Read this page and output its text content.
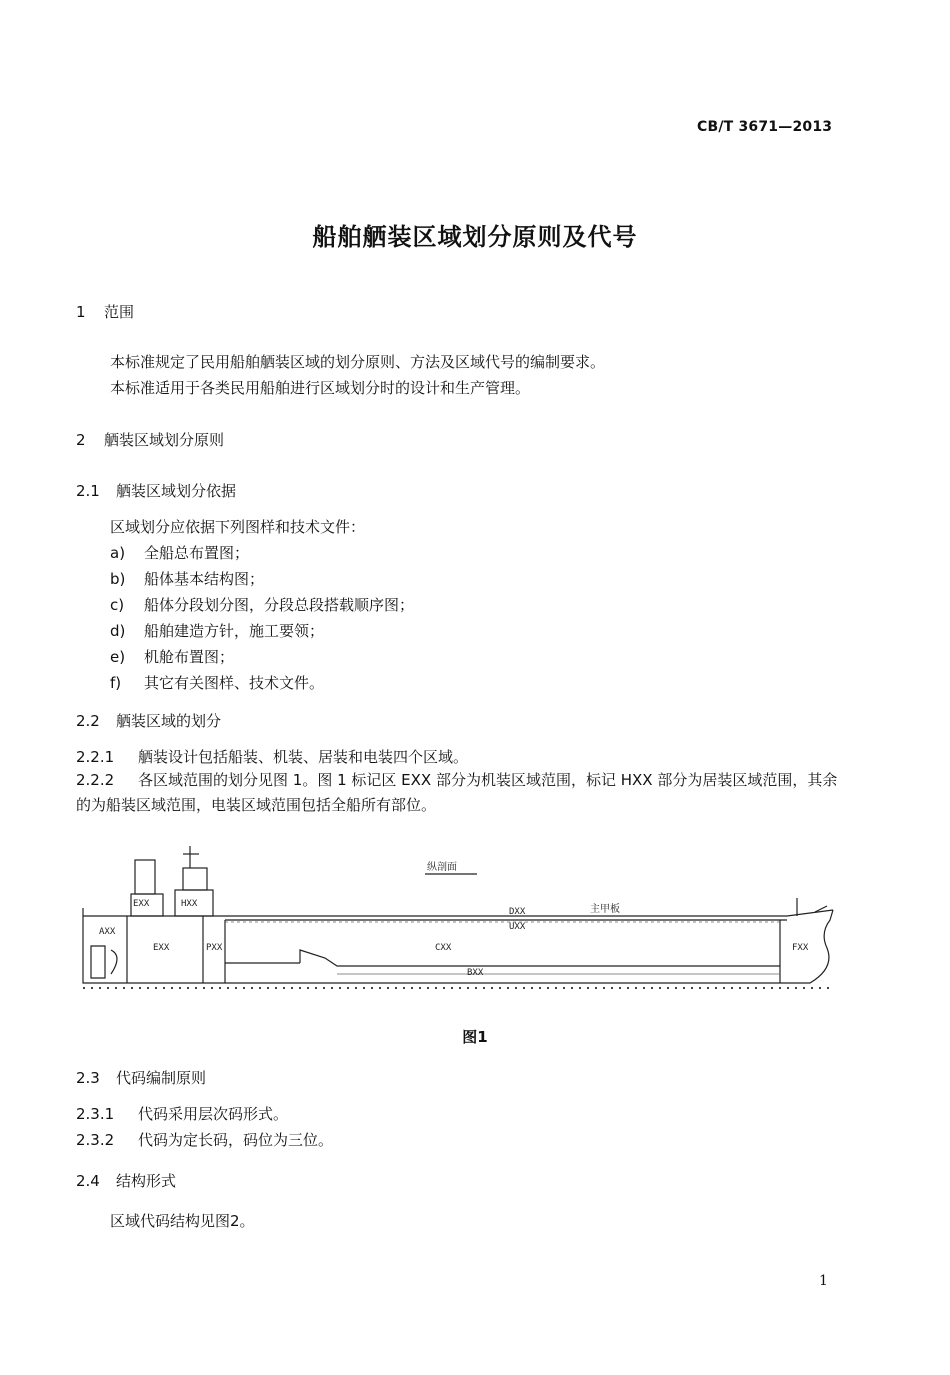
CB/T 3671—2013
船舶舾装区域划分原则及代号
1 范围
本标准规定了民用船舶舾装区域的划分原则、方法及区域代号的编制要求。
本标准适用于各类民用船舶进行区域划分时的设计和生产管理。
2 舾装区域划分原则
2.1 舾装区域划分依据
区域划分应依据下列图样和技术文件：
a) 全船总布置图；
b) 船体基本结构图；
c) 船体分段划分图，分段总段搭载顺序图；
d) 船舶建造方针，施工要领；
e) 机舱布置图；
f) 其它有关图样、技术文件。
2.2 舾装区域的划分
2.2.1 舾装设计包括船装、机装、居装和电装四个区域。
2.2.2 各区域范围的划分见图 1。图 1 标记区 EXX 部分为机装区域范围，标记 HXX 部分为居装区域范围，其余的为船装区域范围，电装区域范围包括全船所有部位。
纵剖面
EXX	HXX
AXX
EXX	PXX
DXX	主甲板
UXX
CXX
BXX
FXX
图1
2.3 代码编制原则
2.3.1 代码采用层次码形式。
2.3.2 代码为定长码，码位为三位。
2.4 结构形式
区域代码结构见图2。
1
